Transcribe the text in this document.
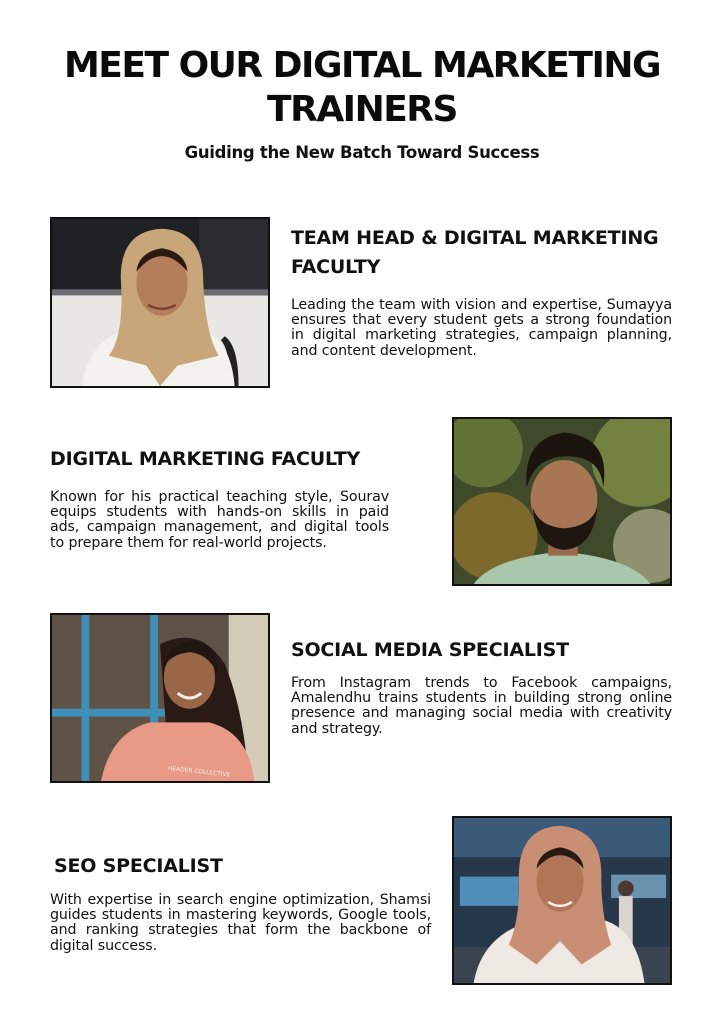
MEET OUR DIGITAL MARKETING
TRAINERS
Guiding the New Batch Toward Success
TEAM HEAD & DIGITAL MARKETING
FACULTY
Leading the team with vision and expertise, Sumayya ensures that every student gets a strong foundation in digital marketing strategies, campaign planning, and content development.
DIGITAL MARKETING FACULTY
Known for his practical teaching style, Sourav equips students with hands-on skills in paid ads, campaign management, and digital tools to prepare them for real-world projects.
HEADER COLLECTIVE
SOCIAL MEDIA SPECIALIST
From Instagram trends to Facebook campaigns, Amalendhu trains students in building strong online presence and managing social media with creativity and strategy.
SEO SPECIALIST
With expertise in search engine optimization, Shamsi guides students in mastering keywords, Google tools, and ranking strategies that form the backbone of digital success.
